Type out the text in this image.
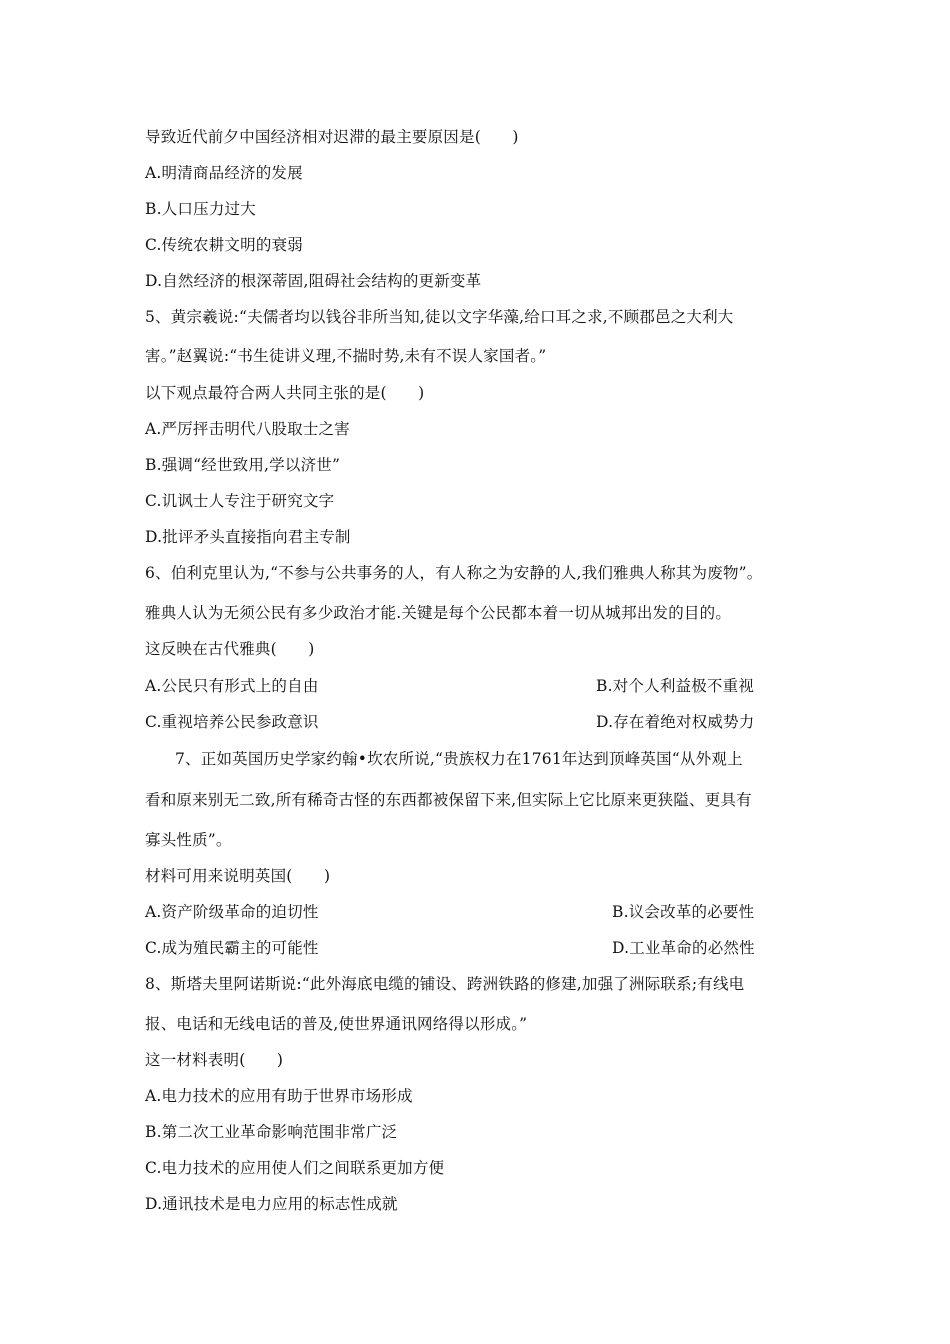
导致近代前夕中国经济相对迟滞的最主要原因是(　　)
A.明清商品经济的发展
B.人口压力过大
C.传统农耕文明的衰弱
D.自然经济的根深蒂固,阻碍社会结构的更新变革
5、黄宗羲说:“夫儒者均以钱谷非所当知,徒以文字华藻,给口耳之求,不顾郡邑之大利大
害。”赵翼说:“书生徒讲义理,不揣时势,未有不误人家国者。”
以下观点最符合两人共同主张的是(　　)
A.严厉抨击明代八股取士之害
B.强调“经世致用,学以济世”
C.讥讽士人专注于研究文字
D.批评矛头直接指向君主专制
6、伯利克里认为,“不参与公共事务的人，有人称之为安静的人,我们雅典人称其为废物”。
雅典人认为无须公民有多少政治才能.关键是每个公民都本着一切从城邦出发的目的。
这反映在古代雅典(　　)
A.公民只有形式上的自由	B.对个人利益极不重视
C.重视培养公民参政意识	D.存在着绝对权威势力
7、正如英国历史学家约翰•坎农所说,“贵族权力在1761年达到顶峰英国“从外观上
看和原来别无二致,所有稀奇古怪的东西都被保留下来,但实际上它比原来更狭隘、更具有
寡头性质”。
材料可用来说明英国(　　)
A.资产阶级革命的迫切性	B.议会改革的必要性
C.成为殖民霸主的可能性	D.工业革命的必然性
8、斯塔夫里阿诺斯说:“此外海底电缆的铺设、跨洲铁路的修建,加强了洲际联系;有线电
报、电话和无线电话的普及,使世界通讯网络得以形成。”
这一材料表明(　　)
A.电力技术的应用有助于世界市场形成
B.第二次工业革命影响范围非常广泛
C.电力技术的应用使人们之间联系更加方便
D.通讯技术是电力应用的标志性成就
